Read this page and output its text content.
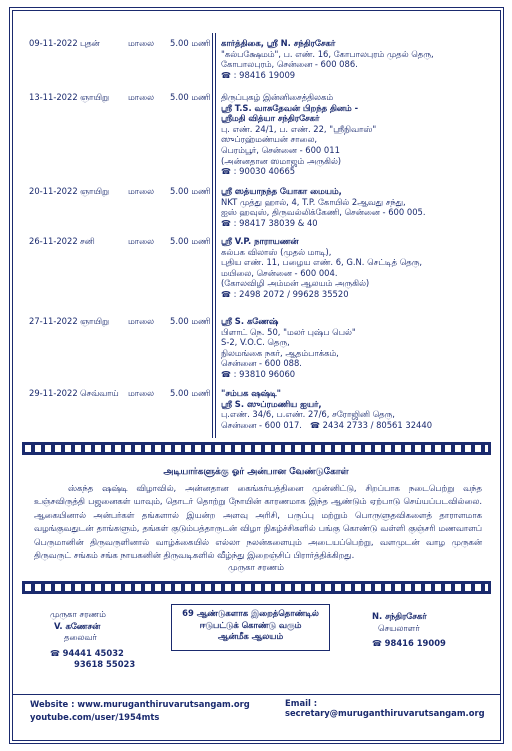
09-11-2022 புதன்	மாலை 5.00 மணி கார்த்திகை, ஸ்ரீ N. சந்திரசேகர்
"கல்பக்ஷேமம்", ப. எண். 16, கோபாலபுரம் முதல் தெரு,
கோபாலபுரம், சென்னை - 600 086.
☎ : 98416 19009
13-11-2022 ஞாயிறு மாலை 5.00 மணி திருப்புகழ் இன்னிசைத்திலகம்
ஸ்ரீ T.S. வாசுதேவன் பிறந்த தினம் -
ஸ்ரீமதி வித்யா சந்திரசேகர்
பு. எண். 24/1, ப. எண். 22, "ஸ்ரீநிவாஸ்"
ஸுப்ரஹ்மண்யன் சாலை,
பெரம்பூர், சென்னை - 600 011
(அன்னதான ஸமாஜம் அருகில்)
☎ : 90030 40665
20-11-2022 ஞாயிறு மாலை 5.00 மணி ஸ்ரீ ஸத்யாநந்த யோகா மையம்,
NKT முத்து ஹால், 4, T.P. கோயில் 2ஆவது சந்து,
ஐஸ் ஹவுஸ், திருவல்லிக்கேணி, சென்னை - 600 005.
☎ : 98417 38039 & 40
26-11-2022 சனி	மாலை 5.00 மணி ஸ்ரீ V.P. நாராயணன்
கல்பக விலாஸ் (முதல் மாடி),
புதிய எண். 11, பழைய எண். 6, G.N. செட்டித் தெரு,
மயிலை, சென்னை - 600 004.
(கோலவிழி அம்மன் ஆலயம் அருகில்)
☎ : 2498 2072 / 99628 35520
27-11-2022 ஞாயிறு மாலை 5.00 மணி ஸ்ரீ S. கணேஷ்
பிளாட் நெ. 50, "மலர் புஷ்ப பெல்"
S-2, V.O.C. தெரு,
நிலமங்கை நகர், ஆதம்பாக்கம்,
சென்னை - 600 088.
☎ : 93810 96060
29-11-2022 செவ்வாய் மாலை 5.00 மணி "சம்பக ஷஷ்டி"
ஸ்ரீ S. ஸுப்ரமணிய ஐயர்,
பு.எண். 34/6, ப.எண். 27/6, சரோஜினி தெரு,
சென்னை - 600 017. ☎ 2434 2733 / 80561 32440
அடியார்களுக்கு ஓர் அன்பான வேண்டுகோள்

ஸ்கந்த ஷஷ்டி விழாவில், அன்னதான கைங்கர்யத்தினை முன்னிட்டு, சிறப்பாக நடைபெற்று வந்த உஞ்சவிருத்தி பஜனைகள் யாவும், தொடர் தொற்று நோயின் காரணமாக இந்த ஆண்டும் ஏற்பாடு செய்யப்படவில்லை. ஆகையினால் அன்பர்கள் தங்களால் இயன்ற அளவு அரிசி, பருப்பு மற்றும் பொருளுதவிகளைத் தாராளமாக வழங்குவதுடன் தாங்களும், தங்கள் குடும்பத்தாருடன் விழா நிகழ்ச்சிகளில் பங்கு கொண்டு வள்ளி குஞ்சரி மணவாளப் பெருமானின் திருவருளினால் வாழ்க்கையில் எல்லா நலன்களையும் அடையப்பெற்று, வளமுடன் வாழ முருகன் திருவருட் சங்கம் சங்க நாயகனின் திருவடிகளில் வீழ்ந்து இறைஞ்சிப் பிரார்த்திக்கிறது.

முருகா சரணம்
முருகா சரணம்
V. கணேசன்
தலைவர்
☎ 94441 45032
93618 55023
69 ஆண்டுகளாக இறைத்தொண்டில்
ஈடுபட்டுக் கொண்டு வரும்
ஆன்மீக ஆலயம்
N. சந்திரசேகர்
செயலாளர்
☎ 98416 19009
Website : www.muruganthiruvarutsangam.org
youtube.com/user/1954mts
Email : secretary@muruganthiruvarutsangam.org
